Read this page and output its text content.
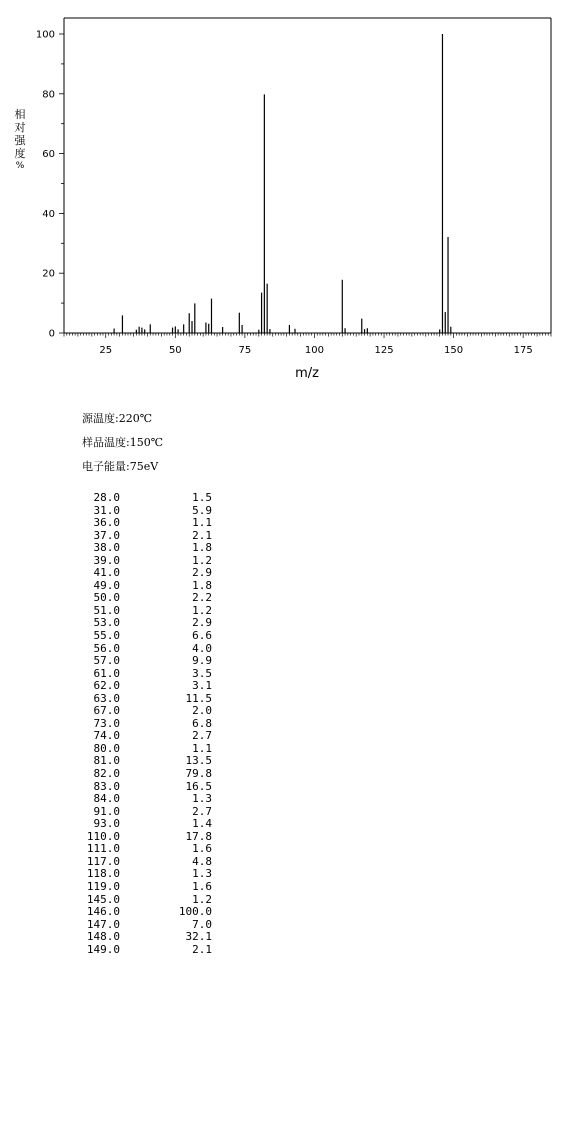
25	50	75	100	125	150	175
0
20
40
60
80
100
m/z
相
对
强
度
%
源温度:220℃
样品温度:150℃
电子能量:75eV
28.0	1.5
31.0	5.9
36.0	1.1
37.0	2.1
38.0	1.8
39.0	1.2
41.0	2.9
49.0	1.8
50.0	2.2
51.0	1.2
53.0	2.9
55.0	6.6
56.0	4.0
57.0	9.9
61.0	3.5
62.0	3.1
63.0	11.5
67.0	2.0
73.0	6.8
74.0	2.7
80.0	1.1
81.0	13.5
82.0	79.8
83.0	16.5
84.0	1.3
91.0	2.7
93.0	1.4
110.0	17.8
111.0	1.6
117.0	4.8
118.0	1.3
119.0	1.6
145.0	1.2
146.0	100.0
147.0	7.0
148.0	32.1
149.0	2.1
